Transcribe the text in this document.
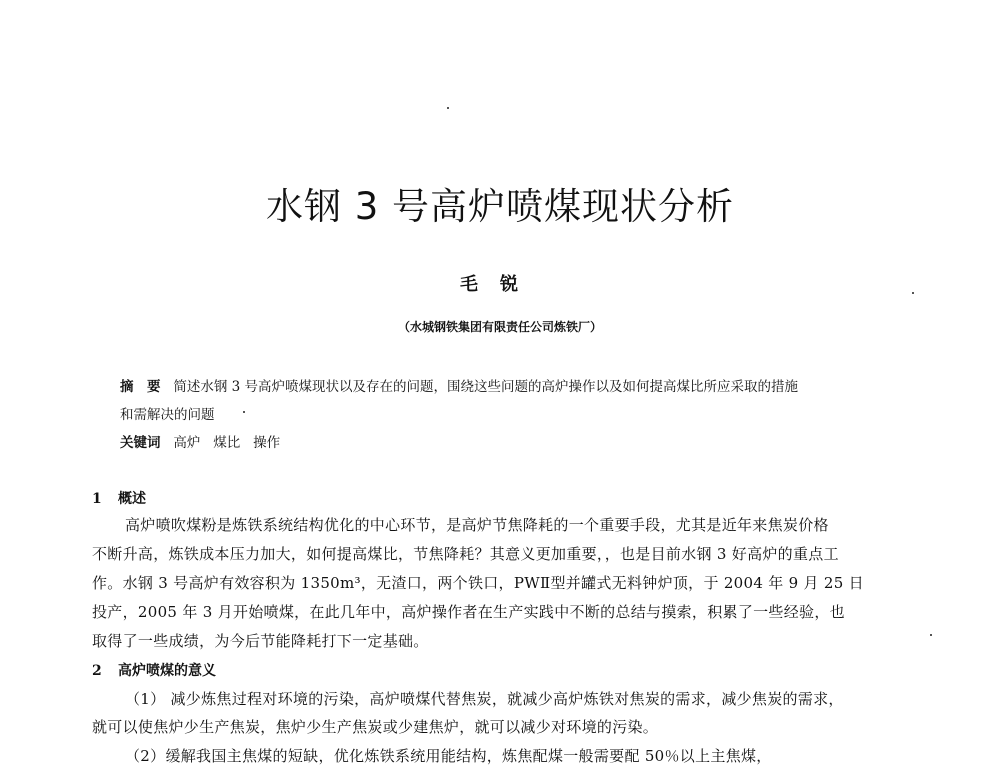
水钢 3 号高炉喷煤现状分析
毛锐
（水城钢铁集团有限责任公司炼铁厂）
摘　要 简述水钢 3 号高炉喷煤现状以及存在的问题，围绕这些问题的高炉操作以及如何提高煤比所应采取的措施
和需解决的问题
关键词 高炉 煤比 操作
1 概述
高炉喷吹煤粉是炼铁系统结构优化的中心环节，是高炉节焦降耗的一个重要手段，尤其是近年来焦炭价格
不断升高，炼铁成本压力加大，如何提高煤比，节焦降耗？其意义更加重要，，也是目前水钢 3 好高炉的重点工
作。水钢 3 号高炉有效容积为 1350m³，无渣口，两个铁口，PWⅡ型并罐式无料钟炉顶，于 2004 年 9 月 25 日
投产，2005 年 3 月开始喷煤，在此几年中，高炉操作者在生产实践中不断的总结与摸索，积累了一些经验，也
取得了一些成绩，为今后节能降耗打下一定基础。
2 高炉喷煤的意义
（1） 减少炼焦过程对环境的污染，高炉喷煤代替焦炭，就减少高炉炼铁对焦炭的需求，减少焦炭的需求，
就可以使焦炉少生产焦炭，焦炉少生产焦炭或少建焦炉，就可以减少对环境的污染。
（2）缓解我国主焦煤的短缺，优化炼铁系统用能结构，炼焦配煤一般需要配 50％以上主焦煤，
